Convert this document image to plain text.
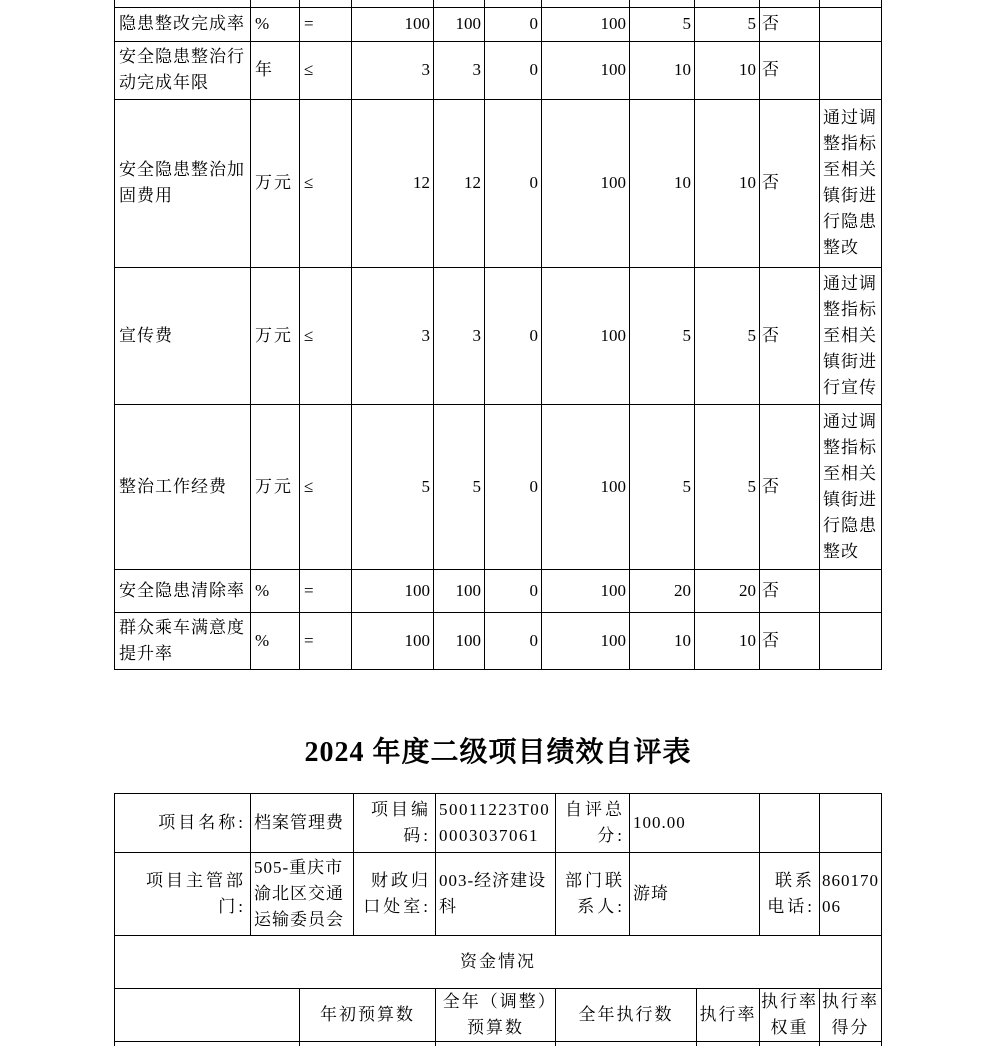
隐患整改完成率	%	=	100	100	0	100	5	5	否	
安全隐患整治行动完成年限	年	≤	3	3	0	100	10	10	否	
安全隐患整治加固费用	万元	≤	12	12	0	100	10	10	否	通过调整指标至相关镇街进行隐患整改
宣传费	万元	≤	3	3	0	100	5	5	否	通过调整指标至相关镇街进行宣传
整治工作经费	万元	≤	5	5	0	100	5	5	否	通过调整指标至相关镇街进行隐患整改
安全隐患清除率	%	=	100	100	0	100	20	20	否	
群众乘车满意度提升率	%	=	100	100	0	100	10	10	否	
2024 年度二级项目绩效自评表
项目名称:	档案管理费		项目编码:	50011223T000003037061	自评总分:	100.00			
项目主管部门:	505-重庆市渝北区交通运输委员会		财政归口处室:	003-经济建设科	部门联系人:	游琦		联系电话:	86017006
资金情况									
		年初预算数		全年（调整）预算数	全年执行数		执行率	执行率权重	执行率得分
